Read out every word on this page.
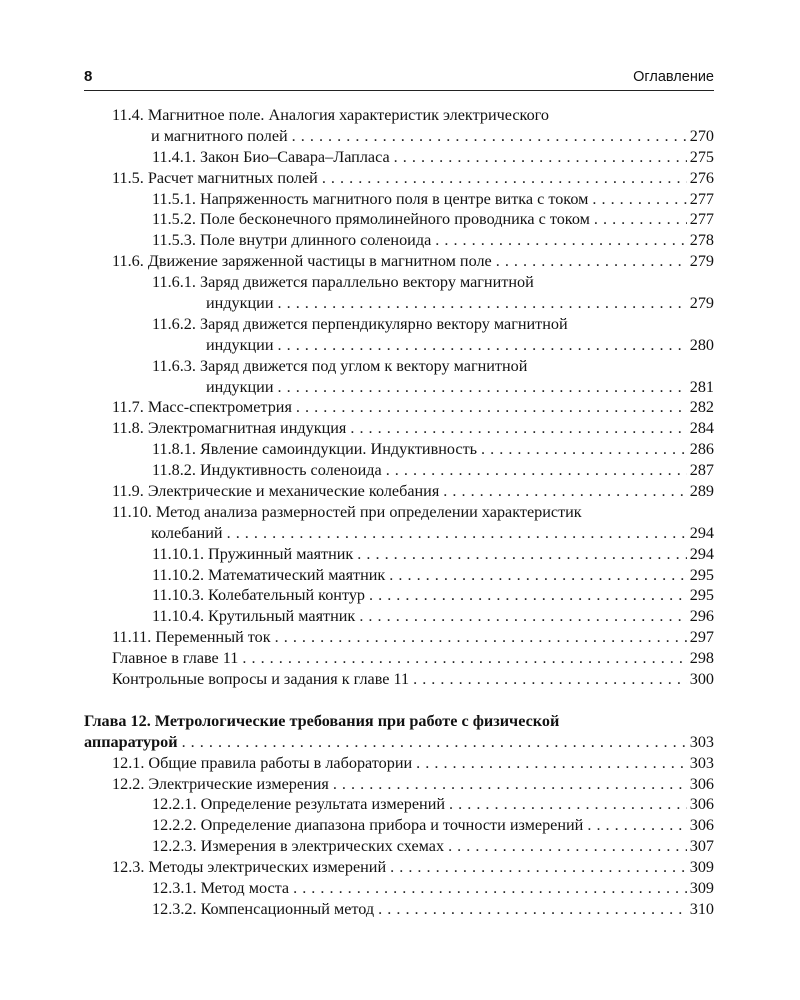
8	Оглавление
11.4. Магнитное поле. Аналогия характеристик электрического
и магнитного полей . . .	270
11.4.1. Закон Био–Савара–Лапласа . . .	275
11.5. Расчет магнитных полей . . .	276
11.5.1. Напряженность магнитного поля в центре витка с током . . .	277
11.5.2. Поле бесконечного прямолинейного проводника с током . . .	277
11.5.3. Поле внутри длинного соленоида . . .	278
11.6. Движение заряженной частицы в магнитном поле . . .	279
11.6.1. Заряд движется параллельно вектору магнитной
индукции . . .	279
11.6.2. Заряд движется перпендикулярно вектору магнитной
индукции . . .	280
11.6.3. Заряд движется под углом к вектору магнитной
индукции . . .	281
11.7. Масс-спектрометрия . . .	282
11.8. Электромагнитная индукция . . .	284
11.8.1. Явление самоиндукции. Индуктивность . . .	286
11.8.2. Индуктивность соленоида . . .	287
11.9. Электрические и механические колебания . . .	289
11.10. Метод анализа размерностей при определении характеристик
колебаний . . .	294
11.10.1. Пружинный маятник . . .	294
11.10.2. Математический маятник . . .	295
11.10.3. Колебательный контур . . .	295
11.10.4. Крутильный маятник . . .	296
11.11. Переменный ток . . .	297
Главное в главе 11 . . .	298
Контрольные вопросы и задания к главе 11 . . .	300
Глава 12. Метрологические требования при работе с физической
аппаратурой . . .	303
12.1. Общие правила работы в лаборатории . . .	303
12.2. Электрические измерения . . .	306
12.2.1. Определение результата измерений . . .	306
12.2.2. Определение диапазона прибора и точности измерений . . .	306
12.2.3. Измерения в электрических схемах . . .	307
12.3. Методы электрических измерений . . .	309
12.3.1. Метод моста . . .	309
12.3.2. Компенсационный метод . . .	310
